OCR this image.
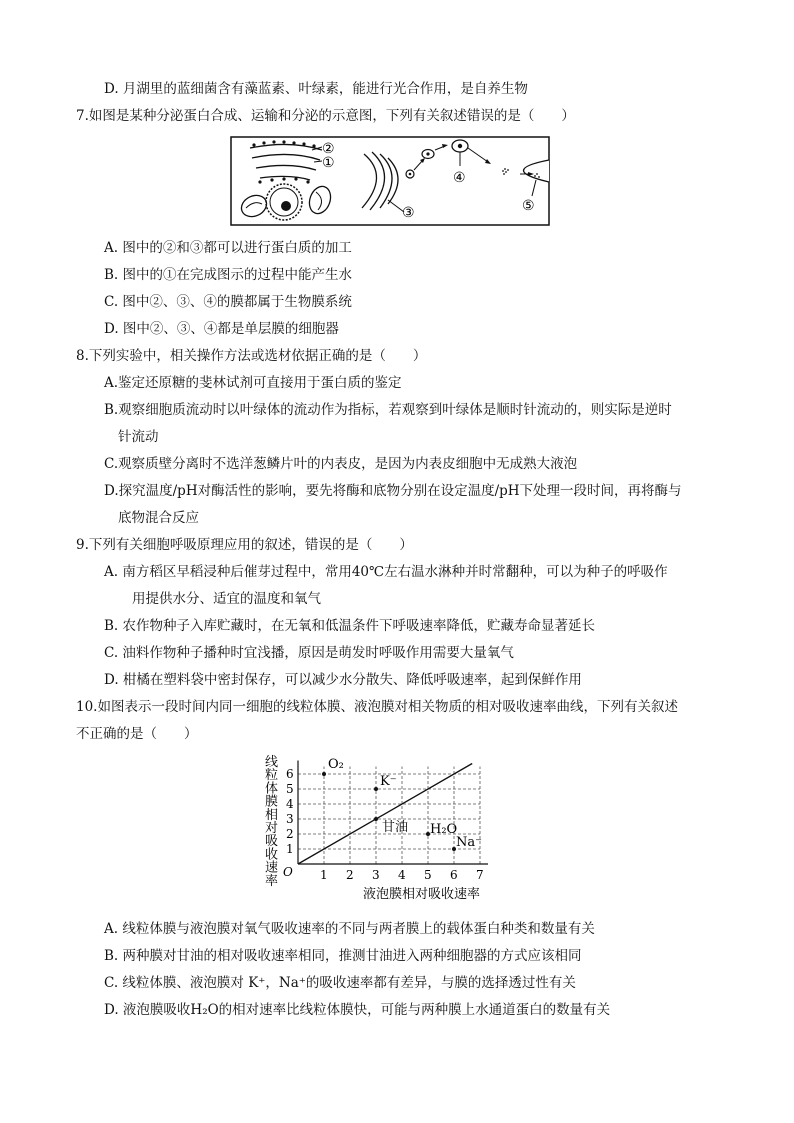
D. 月湖里的蓝细菌含有藻蓝素、叶绿素，能进行光合作用，是自养生物
7.如图是某种分泌蛋白合成、运输和分泌的示意图，下列有关叙述错误的是（　　）
②
①
③
④
⑤
A. 图中的②和③都可以进行蛋白质的加工
B. 图中的①在完成图示的过程中能产生水
C. 图中②、③、④的膜都属于生物膜系统
D. 图中②、③、④都是单层膜的细胞器
8.下列实验中，相关操作方法或选材依据正确的是（　　）
A.鉴定还原糖的斐林试剂可直接用于蛋白质的鉴定
B.观察细胞质流动时以叶绿体的流动作为指标，若观察到叶绿体是顺时针流动的，则实际是逆时
针流动
C.观察质壁分离时不选洋葱鳞片叶的内表皮，是因为内表皮细胞中无成熟大液泡
D.探究温度/pH对酶活性的影响，要先将酶和底物分别在设定温度/pH下处理一段时间，再将酶与
底物混合反应
9.下列有关细胞呼吸原理应用的叙述，错误的是（　　）
A. 南方稻区早稻浸种后催芽过程中，常用40℃左右温水淋种并时常翻种，可以为种子的呼吸作
用提供水分、适宜的温度和氧气
B. 农作物种子入库贮藏时，在无氧和低温条件下呼吸速率降低，贮藏寿命显著延长
C. 油料作物种子播种时宜浅播，原因是萌发时呼吸作用需要大量氧气
D. 柑橘在塑料袋中密封保存，可以减少水分散失、降低呼吸速率，起到保鲜作用
10.如图表示一段时间内同一细胞的线粒体膜、液泡膜对相关物质的相对吸收速率曲线，下列有关叙述
不正确的是（　　）
线
粒
体
膜
相
对
吸
收
速
率	1 2 3 4 5 6 7
1
2
3
4
5
6
O₂
K⁻
甘油 H₂O
Na⁻
O
液泡膜相对吸收速率
A. 线粒体膜与液泡膜对氧气吸收速率的不同与两者膜上的载体蛋白种类和数量有关
B. 两种膜对甘油的相对吸收速率相同，推测甘油进入两种细胞器的方式应该相同
C. 线粒体膜、液泡膜对 K⁺，Na⁺的吸收速率都有差异，与膜的选择透过性有关
D. 液泡膜吸收H₂O的相对速率比线粒体膜快，可能与两种膜上水通道蛋白的数量有关
